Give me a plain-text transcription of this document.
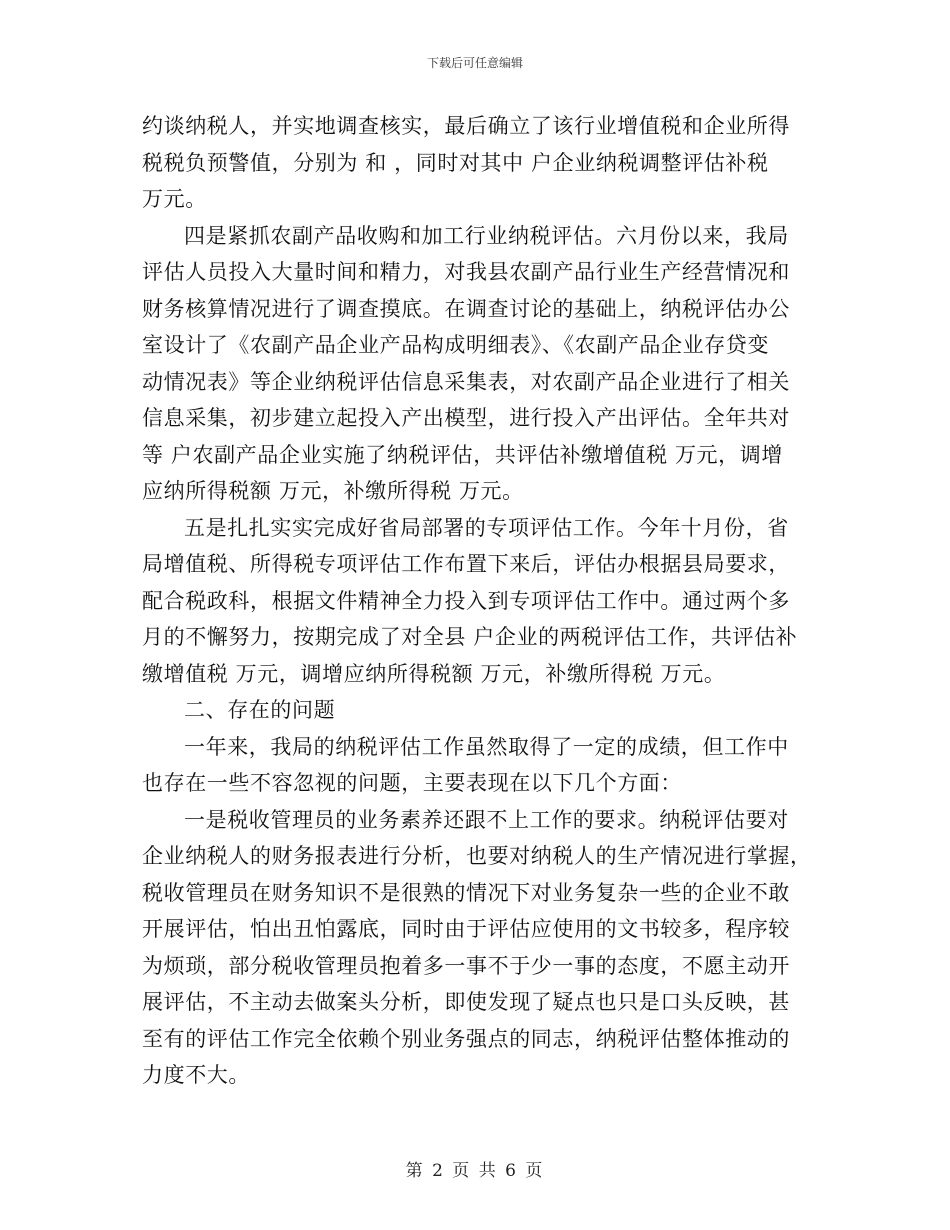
下载后可任意编辑
约谈纳税人，并实地调查核实，最后确立了该行业增值税和企业所得
税税负预警值，分别为 和 ，同时对其中 户企业纳税调整评估补税
万元。
四是紧抓农副产品收购和加工行业纳税评估。六月份以来，我局
评估人员投入大量时间和精力，对我县农副产品行业生产经营情况和
财务核算情况进行了调查摸底。在调查讨论的基础上，纳税评估办公
室设计了《农副产品企业产品构成明细表》、《农副产品企业存贷变
动情况表》等企业纳税评估信息采集表，对农副产品企业进行了相关
信息采集，初步建立起投入产出模型，进行投入产出评估。全年共对
等 户农副产品企业实施了纳税评估，共评估补缴增值税 万元，调增
应纳所得税额 万元，补缴所得税 万元。
五是扎扎实实完成好省局部署的专项评估工作。今年十月份，省
局增值税、所得税专项评估工作布置下来后，评估办根据县局要求，
配合税政科，根据文件精神全力投入到专项评估工作中。通过两个多
月的不懈努力，按期完成了对全县 户企业的两税评估工作，共评估补
缴增值税 万元，调增应纳所得税额 万元，补缴所得税 万元。
二、存在的问题
一年来，我局的纳税评估工作虽然取得了一定的成绩，但工作中
也存在一些不容忽视的问题，主要表现在以下几个方面：
一是税收管理员的业务素养还跟不上工作的要求。纳税评估要对
企业纳税人的财务报表进行分析，也要对纳税人的生产情况进行掌握，
税收管理员在财务知识不是很熟的情况下对业务复杂一些的企业不敢
开展评估，怕出丑怕露底，同时由于评估应使用的文书较多，程序较
为烦琐，部分税收管理员抱着多一事不于少一事的态度，不愿主动开
展评估，不主动去做案头分析，即使发现了疑点也只是口头反映，甚
至有的评估工作完全依赖个别业务强点的同志，纳税评估整体推动的
力度不大。
第 2 页 共 6 页
